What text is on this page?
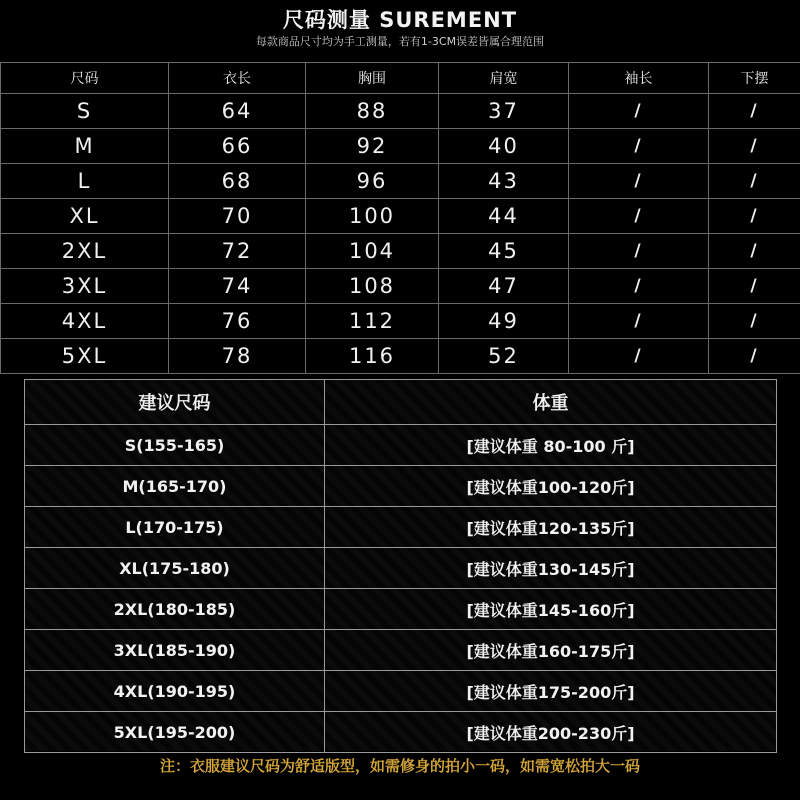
尺码测量 SUREMENT
每款商品尺寸均为手工测量，若有1-3CM误差皆属合理范围
尺码	衣长	胸围	肩宽	袖长	下摆
S	64	88	37	/	/
M	66	92	40	/	/
L	68	96	43	/	/
XL	70	100	44	/	/
2XL	72	104	45	/	/
3XL	74	108	47	/	/
4XL	76	112	49	/	/
5XL	78	116	52	/	/
建议尺码	体重
S(155-165)	[建议体重 80-100 斤]
M(165-170)	[建议体重100-120斤]
L(170-175)	[建议体重120-135斤]
XL(175-180)	[建议体重130-145斤]
2XL(180-185)	[建议体重145-160斤]
3XL(185-190)	[建议体重160-175斤]
4XL(190-195)	[建议体重175-200斤]
5XL(195-200)	[建议体重200-230斤]
注：衣服建议尺码为舒适版型，如需修身的拍小一码，如需宽松拍大一码
